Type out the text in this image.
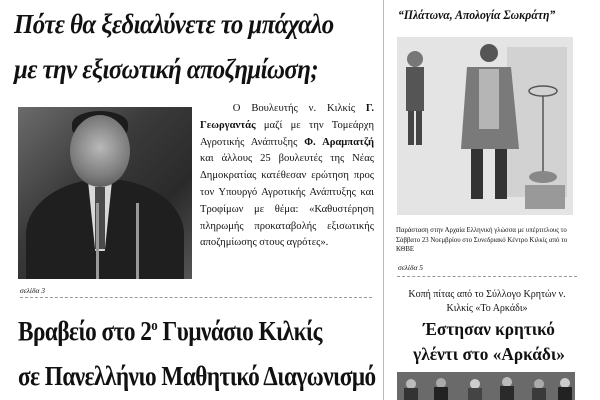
Πότε θα ξεδιαλύνετε το μπάχαλο
με την εξισωτική αποζημίωση;
Ο Βουλευτής ν. Κιλκίς Γ. Γεωργαντάς μαζί με την Τομεάρχη Αγροτικής Ανάπτυξης Φ. Αραμπατζή και άλλους 25 βουλευτές της Νέας Δημοκρατίας κατέθεσαν ερώτηση προς τον Υπουργό Αγροτικής Ανάπτυξης και Τροφίμων με θέμα: «Καθυστέρηση πληρωμής προκαταβολής εξισωτικής αποζημίωσης στους αγρότες».
σελίδα 3
Βραβείο στο $2^o$ Γυμνάσιο Κιλκίς
σε Πανελλήνιο Μαθητικό Διαγωνισμό
“Πλάτωνα, Απολογία Σωκράτη”
Παράσταση στην Αρχαία Ελληνική γλώσσα με υπέρτιτλους το Σάββατο 23 Νοεμβρίου στο Συνεδριακό Κέντρο Κιλκίς από το ΚΘΒΕ
σελίδα 5
Κοπή πίτας από το Σύλλογο Κρητών ν. Κιλκίς «Το Αρκάδι»
Έστησαν κρητικό
γλέντι στο «Αρκάδι»
